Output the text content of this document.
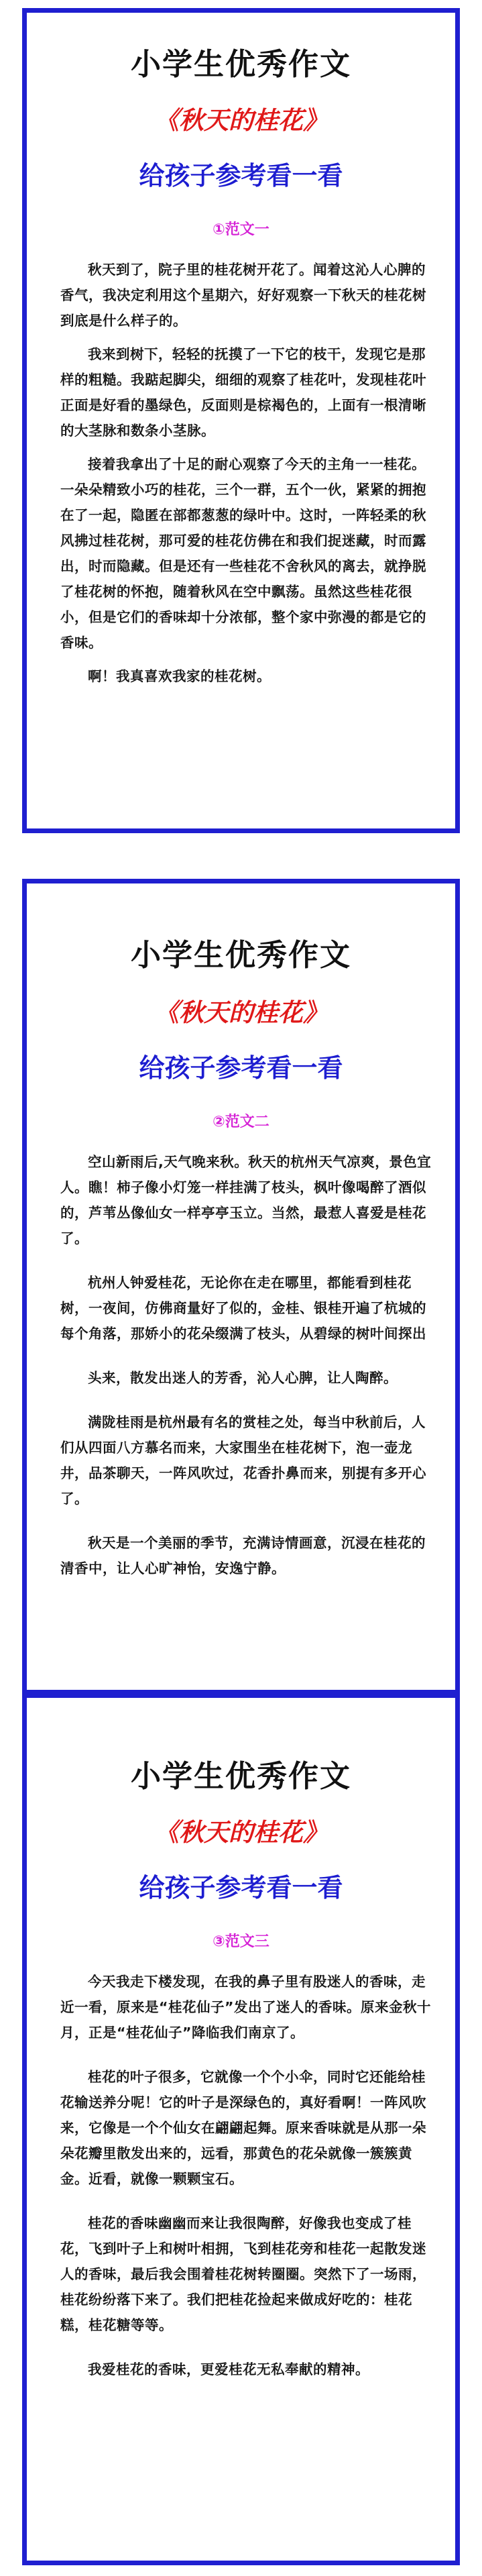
小学生优秀作文
《秋天的桂花》
给孩子参考看一看
①范文一

秋天到了，院子里的桂花树开花了。闻着这沁人心脾的香气，我决定利用这个星期六，好好观察一下秋天的桂花树到底是什么样子的。

我来到树下，轻轻的抚摸了一下它的枝干，发现它是那样的粗糙。我踮起脚尖，细细的观察了桂花叶，发现桂花叶正面是好看的墨绿色，反面则是棕褐色的，上面有一根清晰的大茎脉和数条小茎脉。

接着我拿出了十足的耐心观察了今天的主角一一桂花。一朵朵精致小巧的桂花，三个一群，五个一伙，紧紧的拥抱在了一起，隐匿在部都葱葱的绿叶中。这时，一阵轻柔的秋风拂过桂花树，那可爱的桂花仿佛在和我们捉迷藏，时而露出，时而隐藏。但是还有一些桂花不舍秋风的离去，就挣脱了桂花树的怀抱，随着秋风在空中飘荡。虽然这些桂花很小，但是它们的香味却十分浓郁，整个家中弥漫的都是它的香味。

啊！我真喜欢我家的桂花树。

小学生优秀作文
《秋天的桂花》
给孩子参考看一看
②范文二

空山新雨后,天气晚来秋。秋天的杭州天气凉爽，景色宜人。瞧！柿子像小灯笼一样挂满了枝头，枫叶像喝醉了酒似的，芦苇丛像仙女一样亭亭玉立。当然，最惹人喜爱是桂花了。

杭州人钟爱桂花，无论你在走在哪里，都能看到桂花树，一夜间，仿佛商量好了似的，金桂、银桂开遍了杭城的每个角落，那娇小的花朵缀满了枝头，从碧绿的树叶间探出

头来，散发出迷人的芳香，沁人心脾，让人陶醉。

满陇桂雨是杭州最有名的赏桂之处，每当中秋前后，人们从四面八方慕名而来，大家围坐在桂花树下，泡一壶龙井，品茶聊天，一阵风吹过，花香扑鼻而来，别提有多开心了。

秋天是一个美丽的季节，充满诗情画意，沉浸在桂花的清香中，让人心旷神怡，安逸宁静。

小学生优秀作文
《秋天的桂花》
给孩子参考看一看
③范文三

今天我走下楼发现，在我的鼻子里有股迷人的香味，走近一看，原来是“桂花仙子”发出了迷人的香味。原来金秋十月，正是“桂花仙子”降临我们南京了。

桂花的叶子很多，它就像一个个小伞，同时它还能给桂花输送养分呢！它的叶子是深绿色的，真好看啊！一阵风吹来，它像是一个个仙女在翩翩起舞。原来香味就是从那一朵朵花瓣里散发出来的，远看，那黄色的花朵就像一簇簇黄金。近看，就像一颗颗宝石。

桂花的香味幽幽而来让我很陶醉，好像我也变成了桂花，飞到叶子上和树叶相拥，飞到桂花旁和桂花一起散发迷人的香味，最后我会围着桂花树转圈圈。突然下了一场雨，桂花纷纷落下来了。我们把桂花捡起来做成好吃的：桂花糕，桂花糖等等。

我爱桂花的香味，更爱桂花无私奉献的精神。
